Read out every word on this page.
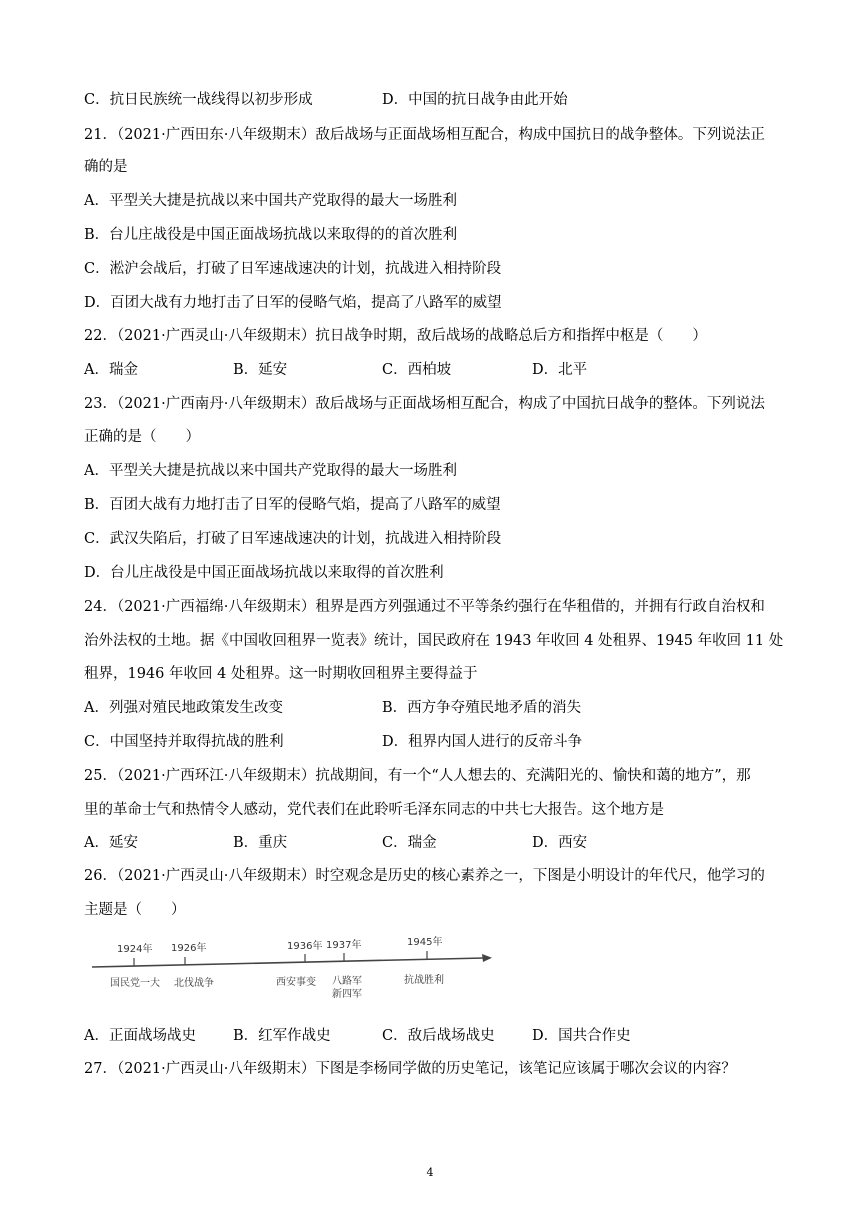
C．抗日民族统一战线得以初步形成	D．中国的抗日战争由此开始
21．（2021·广西田东·八年级期末）敌后战场与正面战场相互配合，构成中国抗日的战争整体。下列说法正
确的是
A．平型关大捷是抗战以来中国共产党取得的最大一场胜利
B．台儿庄战役是中国正面战场抗战以来取得的的首次胜利
C．淞沪会战后，打破了日军速战速决的计划，抗战进入相持阶段
D．百团大战有力地打击了日军的侵略气焰，提高了八路军的威望
22．（2021·广西灵山·八年级期末）抗日战争时期，敌后战场的战略总后方和指挥中枢是（　　）
A．瑞金	B．延安	C．西柏坡	D．北平
23．（2021·广西南丹·八年级期末）敌后战场与正面战场相互配合，构成了中国抗日战争的整体。下列说法
正确的是（　　）
A．平型关大捷是抗战以来中国共产党取得的最大一场胜利
B．百团大战有力地打击了日军的侵略气焰，提高了八路军的威望
C．武汉失陷后，打破了日军速战速决的计划，抗战进入相持阶段
D．台儿庄战役是中国正面战场抗战以来取得的首次胜利
24．（2021·广西福绵·八年级期末）租界是西方列强通过不平等条约强行在华租借的，并拥有行政自治权和
治外法权的土地。据《中国收回租界一览表》统计，国民政府在 1943 年收回 4 处租界、1945 年收回 11 处
租界，1946 年收回 4 处租界。这一时期收回租界主要得益于
A．列强对殖民地政策发生改变	B．西方争夺殖民地矛盾的消失
C．中国坚持并取得抗战的胜利	D．租界内国人进行的反帝斗争
25．（2021·广西环江·八年级期末）抗战期间，有一个“人人想去的、充满阳光的、愉快和蔼的地方”，那
里的革命士气和热情令人感动，党代表们在此聆听毛泽东同志的中共七大报告。这个地方是
A．延安	B．重庆	C．瑞金	D．西安
26．（2021·广西灵山·八年级期末）时空观念是历史的核心素养之一，下图是小明设计的年代尺，他学习的
主题是（　　）
1924年 1926年	1936年 1937年	1945年
国民党一大 北伐战争	西安事变 八路军
新四军
抗战胜利
A．正面战场战史	B．红军作战史	C．敌后战场战史	D．国共合作史
27．（2021·广西灵山·八年级期末）下图是李杨同学做的历史笔记，该笔记应该属于哪次会议的内容？
4
